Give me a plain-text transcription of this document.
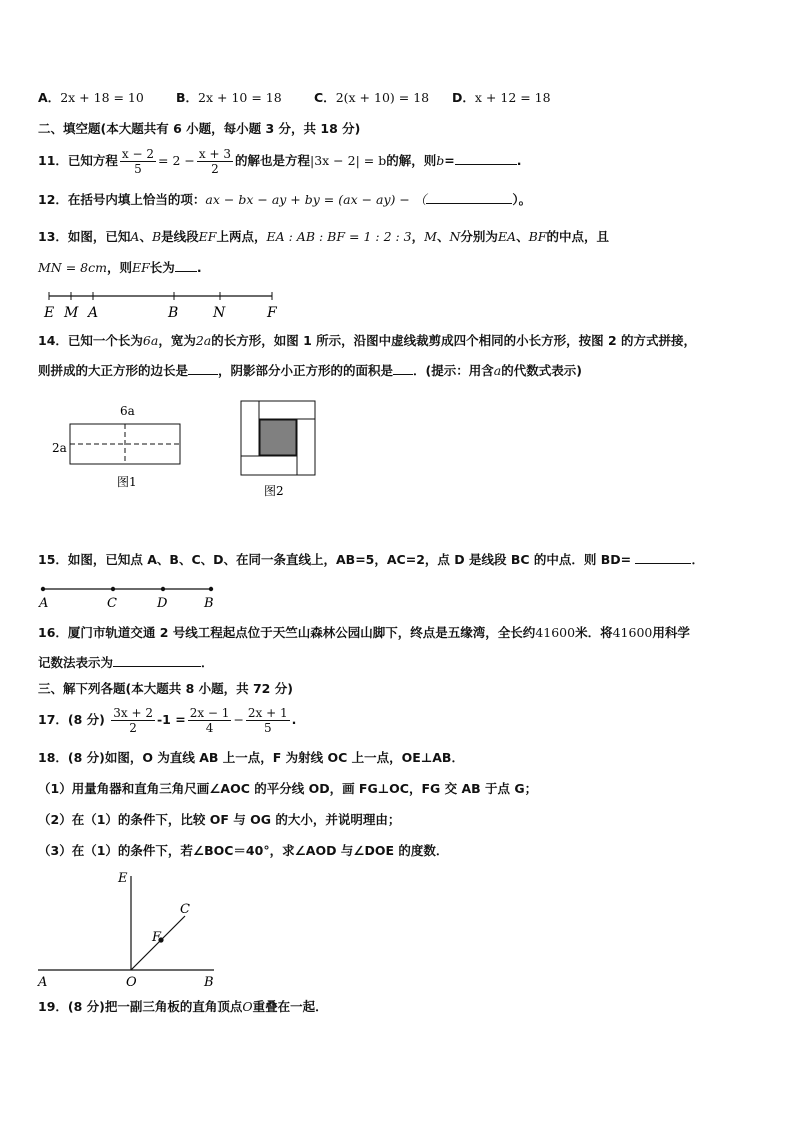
A．2x + 18 = 10	B．2x + 10 = 18	C．2(x + 10) = 18 D．x + 12 = 18
二、填空题(本大题共有 6 小题，每小题 3 分，共 18 分)
11．已知方程 $\frac{x - 2}{5} = 2 - \frac{x + 3}{2}$ 的解也是方程|3x − 2| = b的解，则b=	.
12．在括号内填上恰当的项：ax − bx − ay + by = (ax − ay) − （	）。
13．如图，已知A、B是线段EF上两点，EA : AB : BF = 1 : 2 : 3，M、N分别为EA、BF的中点，且
MN = 8cm，则EF长为 .
E M A	B N	F
14．已知一个长为6a，宽为2a的长方形，如图 1 所示，沿图中虚线裁剪成四个相同的小长方形，按图 2 的方式拼接，
则拼成的大正方形的边长是 ，阴影部分小正方形的的面积是 ．(提示：用含a的代数式表示)
6a
2a
图1
图2
15．如图，已知点 A、B、C、D、在同一条直线上，AB=5，AC=2，点 D 是线段 BC 的中点．则 BD=	．
A	C	D	B
16．厦门市轨道交通 2 号线工程起点位于天竺山森林公园山脚下，终点是五缘湾，全长约41600米．将41600用科学
记数法表示为	．
三、解下列各题(本大题共 8 小题，共 72 分)
17．(8 分) $\frac{3x + 2}{2} -1 = \frac{2x - 1}{4} - \frac{2x + 1}{5}$ .
18．(8 分)如图，O 为直线 AB 上一点，F 为射线 OC 上一点，OE⊥AB．
（1）用量角器和直角三角尺画∠AOC 的平分线 OD，画 FG⊥OC，FG 交 AB 于点 G；
（2）在（1）的条件下，比较 OF 与 OG 的大小，并说明理由；
（3）在（1）的条件下，若∠BOC＝40°，求∠AOD 与∠DOE 的度数．
E
C
F
A	O	B
19．(8 分)把一副三角板的直角顶点O重叠在一起．
